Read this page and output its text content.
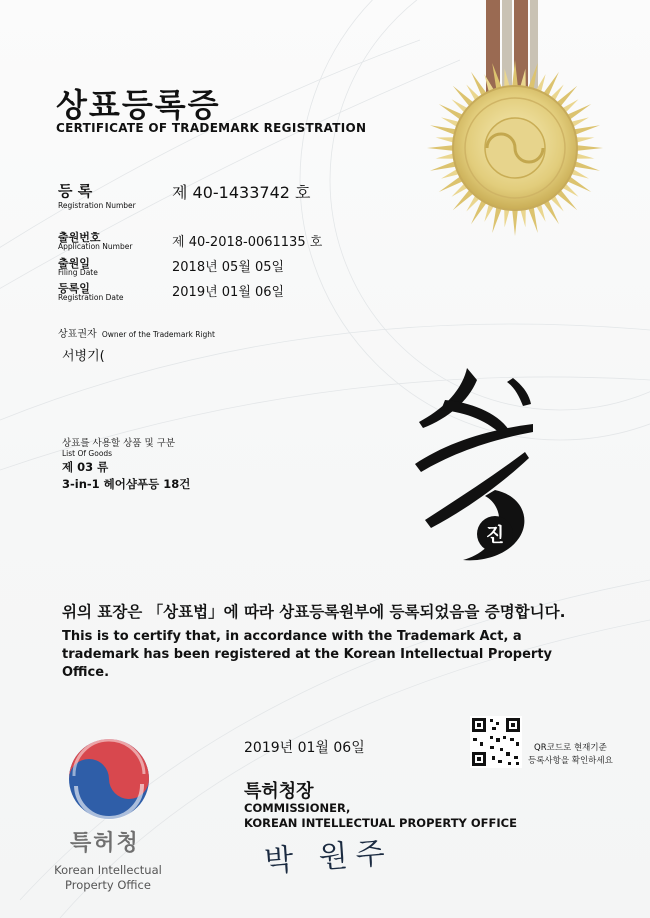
상표등록증
CERTIFICATE OF TRADEMARK REGISTRATION
등 록
Registration Number
제 40-1433742 호
출원번호
Application Number	제 40-2018-0061135 호
출원일
Filing Date	2018년 05월 05일
등록일
Registration Date	2019년 01월 06일
상표권자 Owner of the Trademark Right
서병기(
상표를 사용할 상품 및 구분
List Of Goods
제 03 류
3-in-1 헤어샴푸등 18건
진
위의 표장은 「상표법」에 따라 상표등록원부에 등록되었음을 증명합니다.
This is to certify that, in accordance with the Trademark Act, a trademark has been registered at the Korean Intellectual Property Office.
2019년 01월 06일	QR코드로 현재기준
등록사항을 확인하세요
특허청장
COMMISSIONER,
KOREAN INTELLECTUAL PROPERTY OFFICE
박 원주
특허청
Korean Intellectual Property Office
